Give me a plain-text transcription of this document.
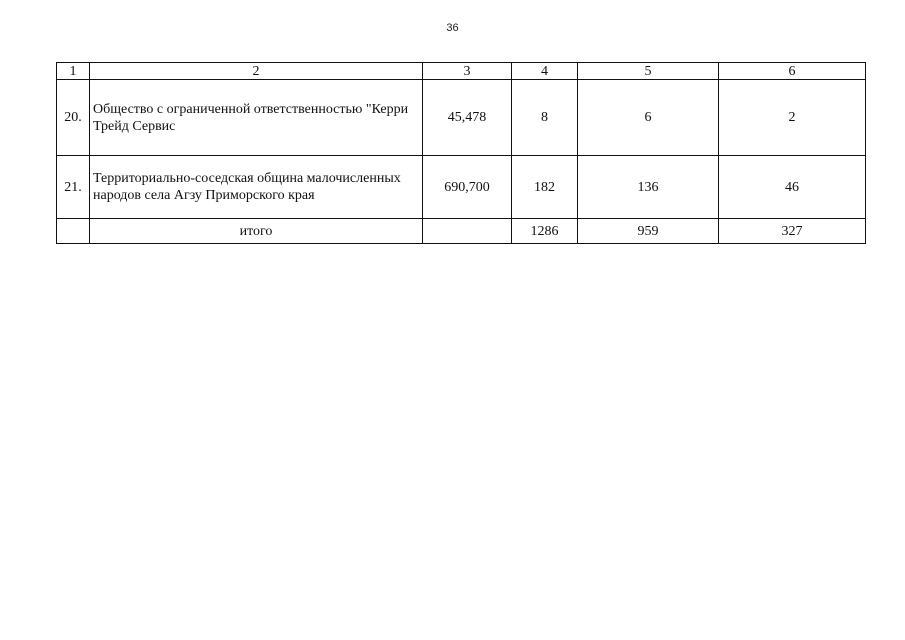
36
1	2	3	4	5	6
20.	Общество с ограниченной ответственностью "Керри Трейд Сервис	45,478	8	6	2
21.	Территориально-соседская община малочисленных народов села Агзу Приморского края	690,700	182	136	46
	итого		1286	959	327
